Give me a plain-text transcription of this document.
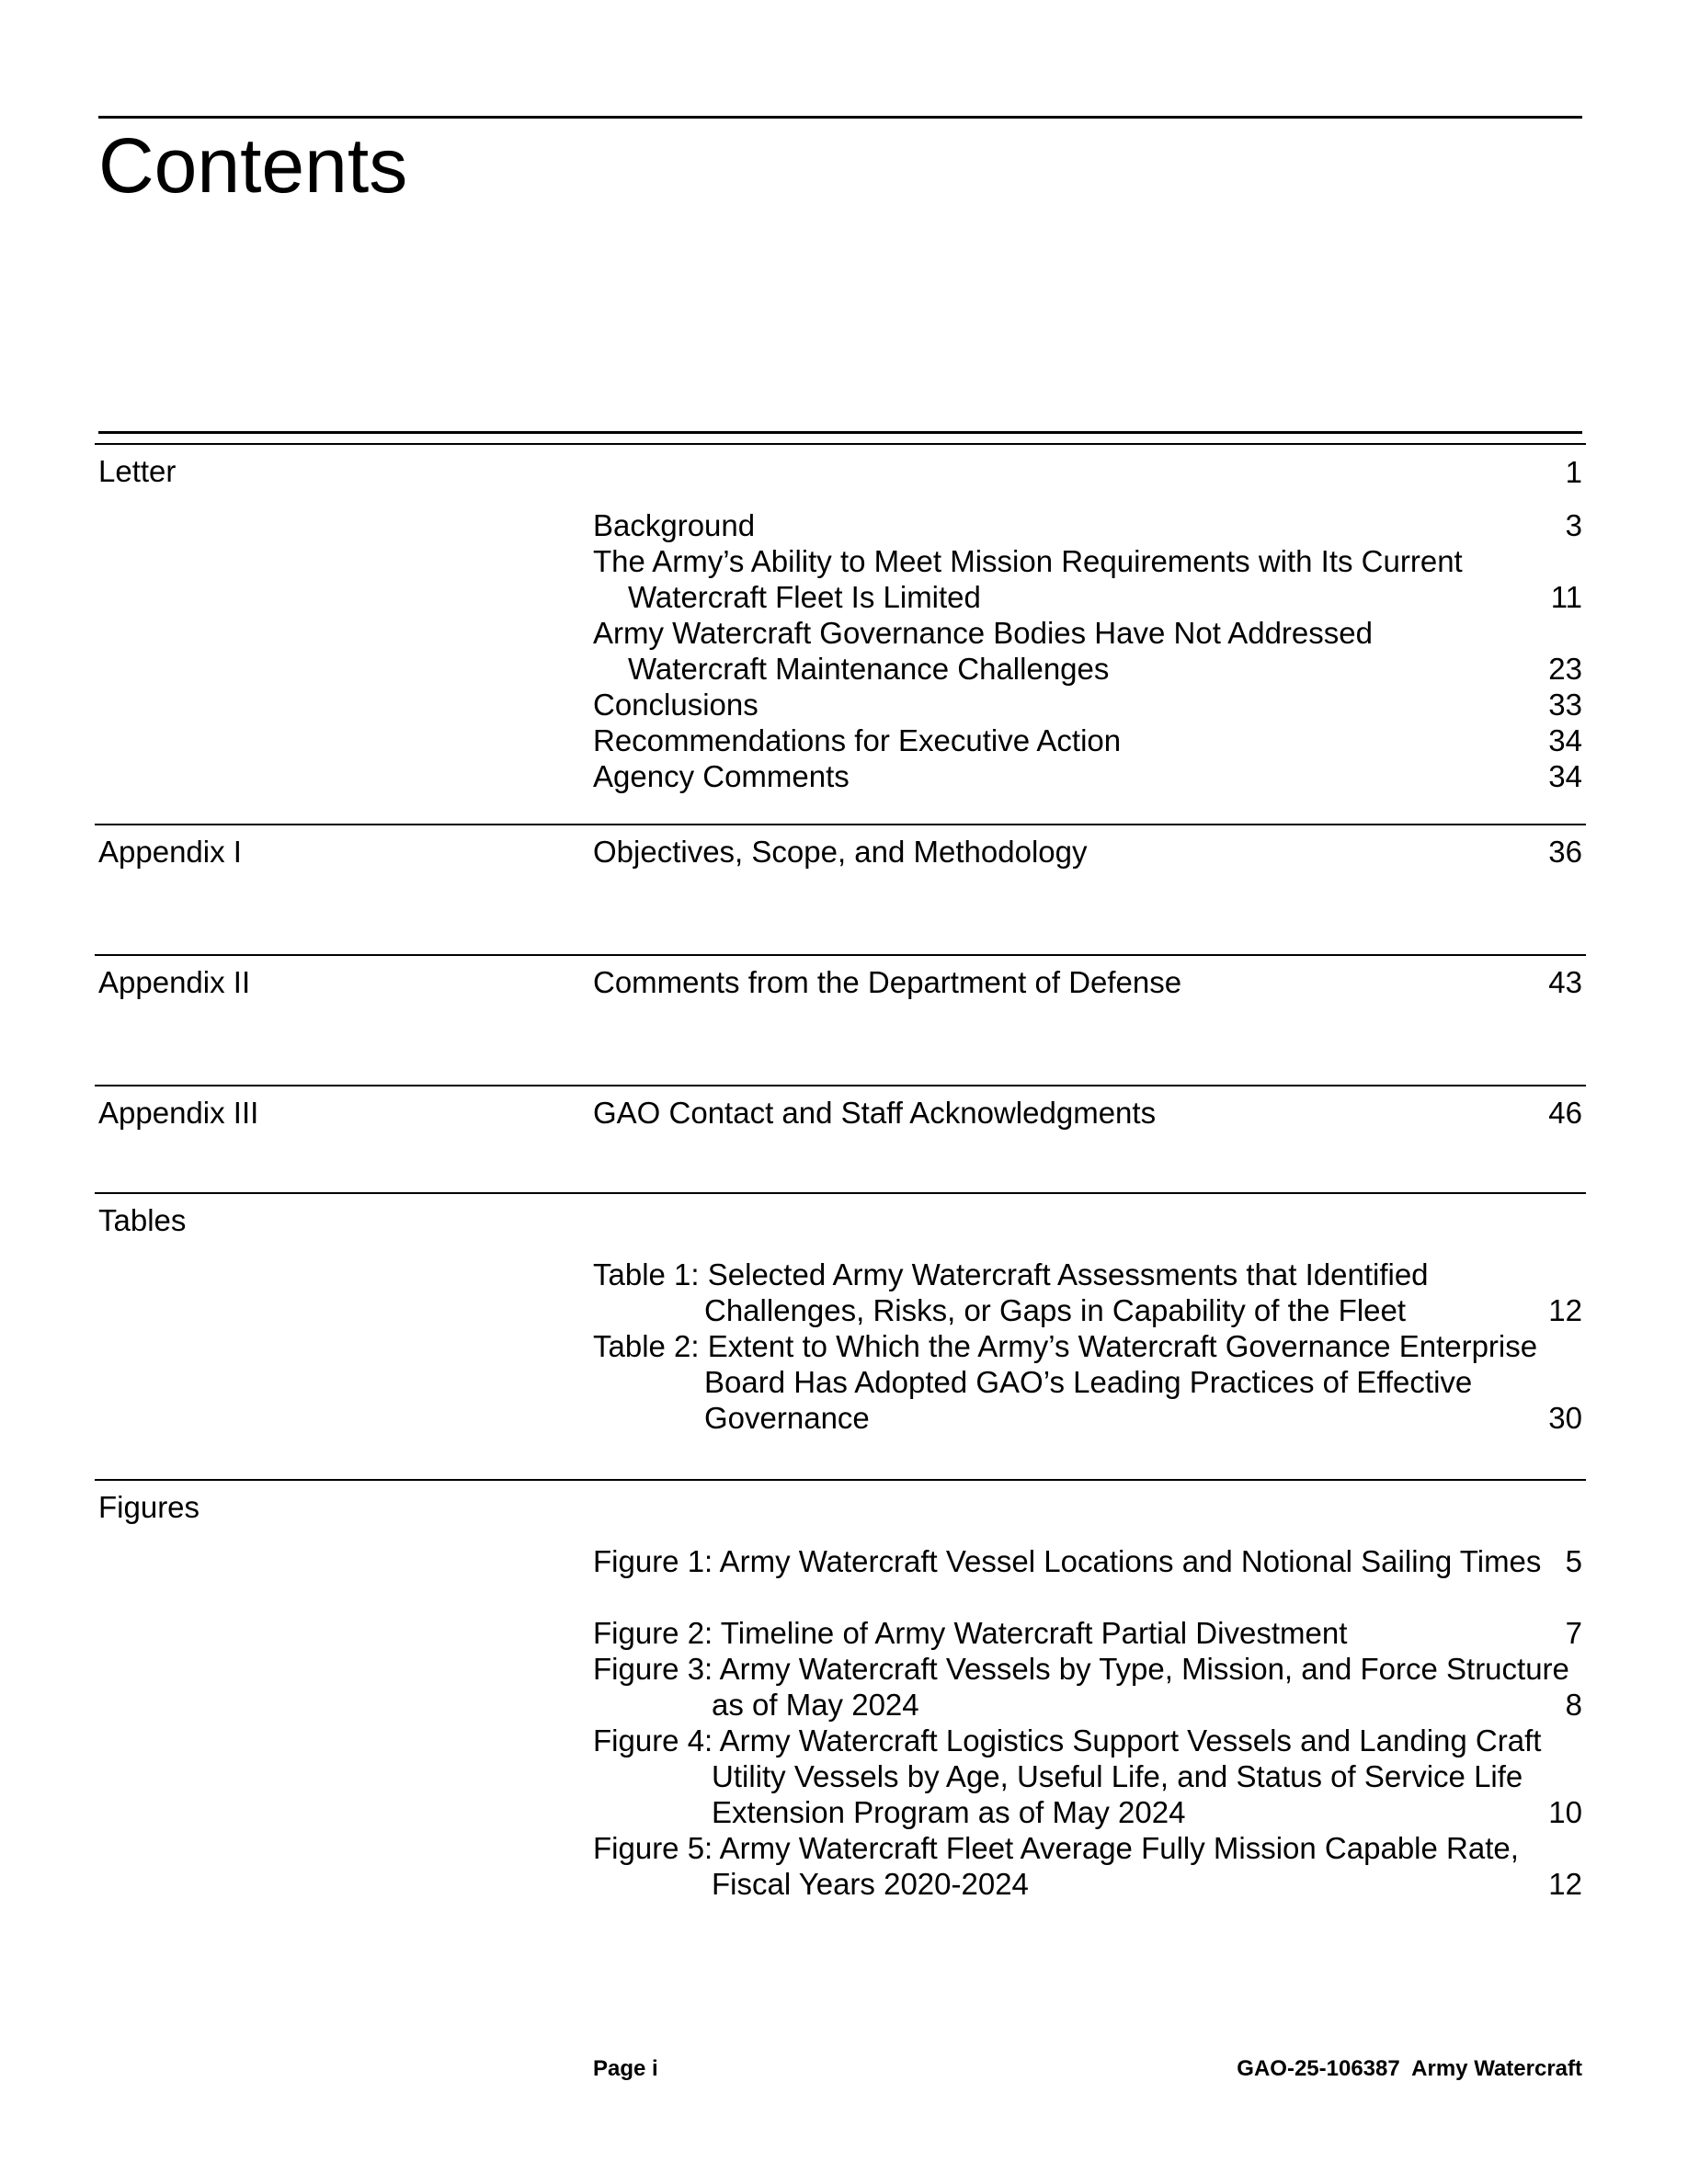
Contents
Letter	1
Background	3
The Army’s Ability to Meet Mission Requirements with Its Current Watercraft Fleet Is Limited	11
Army Watercraft Governance Bodies Have Not Addressed Watercraft Maintenance Challenges	23
Conclusions	33
Recommendations for Executive Action	34
Agency Comments	34
Appendix I	Objectives, Scope, and Methodology	36
Appendix II	Comments from the Department of Defense	43
Appendix III	GAO Contact and Staff Acknowledgments	46
Tables
Table 1: Selected Army Watercraft Assessments that Identified Challenges, Risks, or Gaps in Capability of the Fleet	12
Table 2: Extent to Which the Army’s Watercraft Governance Enterprise Board Has Adopted GAO’s Leading Practices of Effective Governance	30
Figures
Figure 1: Army Watercraft Vessel Locations and Notional Sailing Times 5
Figure 2: Timeline of Army Watercraft Partial Divestment	7
Figure 3: Army Watercraft Vessels by Type, Mission, and Force Structure as of May 2024	8
Figure 4: Army Watercraft Logistics Support Vessels and Landing Craft Utility Vessels by Age, Useful Life, and Status of Service Life Extension Program as of May 2024	10
Figure 5: Army Watercraft Fleet Average Fully Mission Capable Rate, Fiscal Years 2020-2024	12
Page i	GAO-25-106387  Army Watercraft
